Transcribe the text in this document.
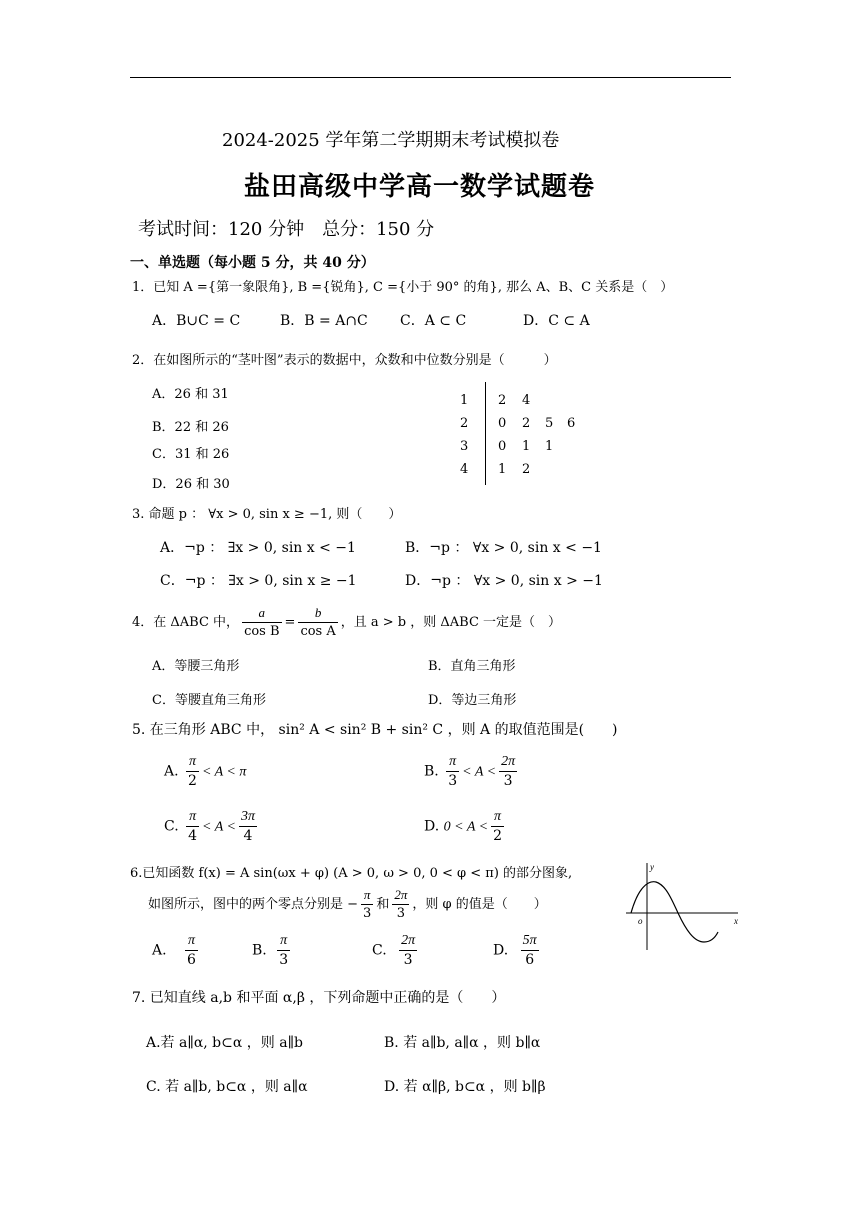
2024-2025 学年第二学期期末考试模拟卷
盐田高级中学高一数学试题卷
考试时间：120 分钟　总分：150 分
一、单选题（每小题 5 分，共 40 分）
1．已知 A ={第一象限角}, B ={锐角}, C ={小于 90° 的角}, 那么 A、B、C 关系是（　）
A．B∪C = C	B．B = A∩C C．A ⊂ C	D．C ⊂ A
2．在如图所示的“茎叶图”表示的数据中，众数和中位数分别是（　　　）
A．26 和 31
B．22 和 26
C．31 和 26
D．26 和 30
1 2 4
2 0 2 5 6
3 0 1 1
4 1 2
3. 命题 p ： ∀x > 0, sin x ≥ −1, 则（　　）
A．¬p ： ∃x > 0, sin x < −1	B．¬p ： ∀x > 0, sin x < −1
C．¬p ： ∃x > 0, sin x ≥ −1	D．¬p ： ∀x > 0, sin x > −1
4．在 ΔABC 中， $\frac{a}{\text{cos B}} = \frac{b}{\text{cos A}}$ ，且 a > b ，则 ΔABC 一定是（　）
A．等腰三角形	B．直角三角形
C．等腰直角三角形	D．等边三角形
5. 在三角形 ABC 中， sin² A < sin² B + sin² C ，则 A 的取值范围是(　　)
A. $\frac{\pi}{2} < A < \pi$	B. $\frac{\pi}{3} < A < \frac{2\pi}{3}$
C. $\frac{\pi}{4} < A < \frac{3\pi}{4}$	D. $0 < A < \frac{\pi}{2}$
6.已知函数 f(x) = A sin(ωx + φ) (A > 0, ω > 0, 0 < φ < π) 的部分图象,
如图所示，图中的两个零点分别是 − $\frac{\pi}{3}$ 和 $\frac{2\pi}{3}$ ，则 φ 的值是（　　）
y
o	x
A. $\frac{\pi}{6}$	B. $\frac{\pi}{3}$	C. $\frac{2\pi}{3}$	D. $\frac{5\pi}{6}$
7. 已知直线 a,b 和平面 α,β ，下列命题中正确的是（　　）
A.若 a∥α, b⊂α ，则 a∥b	B. 若 a∥b, a∥α ，则 b∥α
C. 若 a∥b, b⊂α ，则 a∥α	D. 若 α∥β, b⊂α ，则 b∥β
